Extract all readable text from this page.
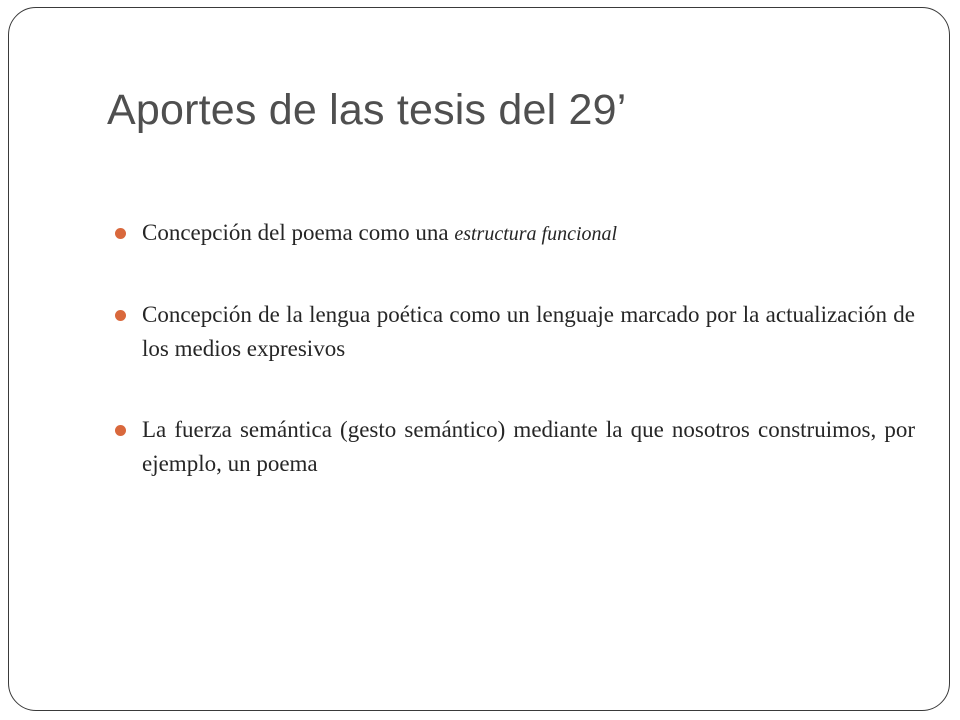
Aportes de las tesis del 29’
Concepción del poema como una estructura funcional
Concepción de la lengua poética como un lenguaje marcado por la actualización de los medios expresivos
La fuerza semántica (gesto semántico) mediante la que nosotros construimos, por ejemplo, un poema
